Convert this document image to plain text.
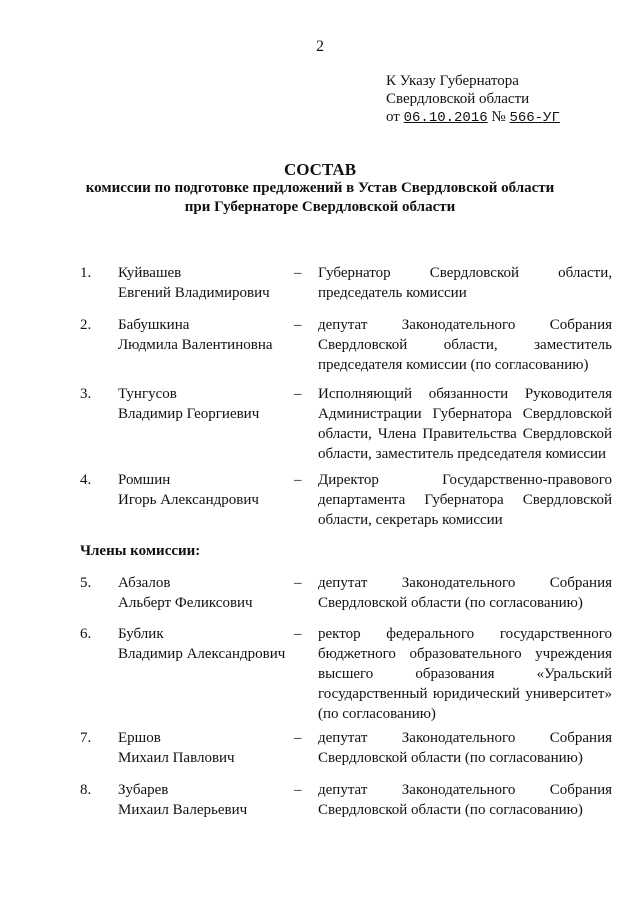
2
К Указу Губернатора
Свердловской области
от 06.10.2016 № 566-УГ
СОСТАВ
комиссии по подготовке предложений в Устав Свердловской области
при Губернаторе Свердловской области
1. Куйвашев
Евгений Владимирович
– Губернатор Свердловской области, председатель комиссии
2. Бабушкина
Людмила Валентиновна
– депутат Законодательного Собрания Свердловской области, заместитель председателя комиссии (по согласованию)
3. Тунгусов
Владимир Георгиевич
– Исполняющий обязанности Руководителя Администрации Губернатора Свердловской области, Члена Правительства Свердловской области, заместитель председателя комиссии
4. Ромшин
Игорь Александрович
– Директор Государственно-правового департамента Губернатора Свердловской области, секретарь комиссии
Члены комиссии:
5. Абзалов
Альберт Феликсович
– депутат Законодательного Собрания Свердловской области (по согласованию)
6. Бублик
Владимир Александрович
– ректор федерального государственного бюджетного образовательного учреждения высшего образования «Уральский государственный юридический университет» (по согласованию)
7. Ершов
Михаил Павлович
– депутат Законодательного Собрания Свердловской области (по согласованию)
8. Зубарев
Михаил Валерьевич
– депутат Законодательного Собрания Свердловской области (по согласованию)
